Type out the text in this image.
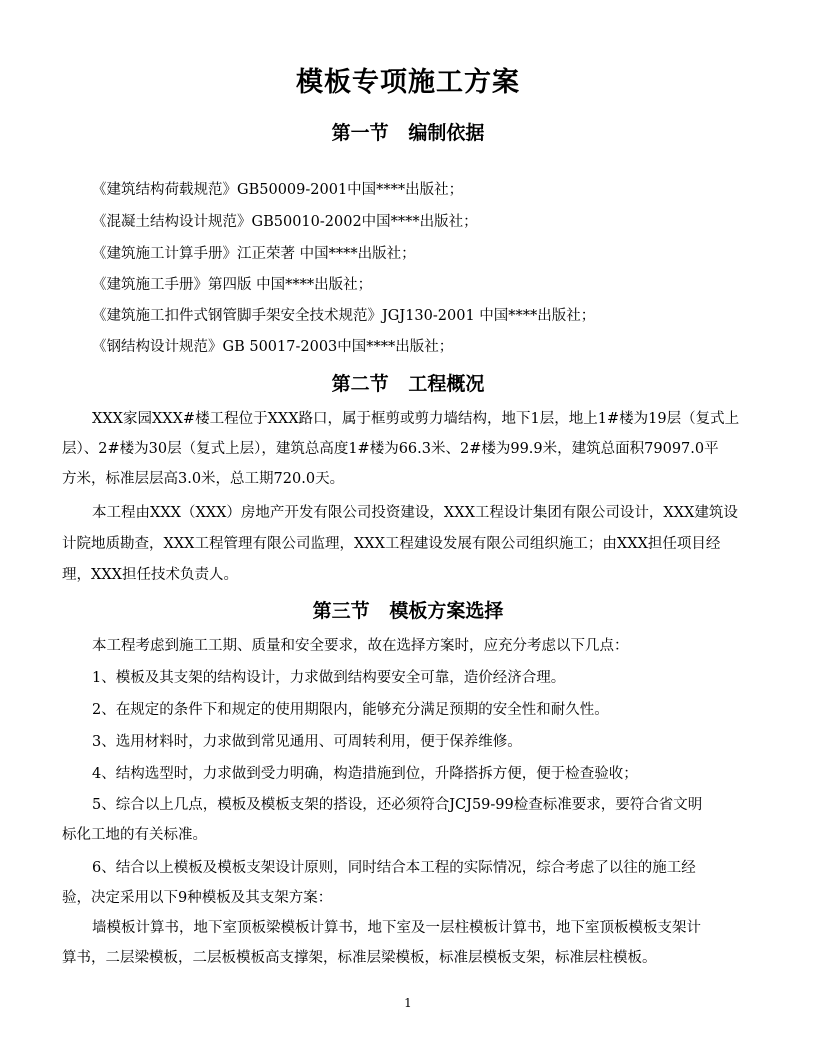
模板专项施工方案
第一节   编制依据
《建筑结构荷载规范》GB50009-2001中国****出版社；
《混凝土结构设计规范》GB50010-2002中国****出版社；
《建筑施工计算手册》江正荣著 中国****出版社；
《建筑施工手册》第四版 中国****出版社；
《建筑施工扣件式钢管脚手架安全技术规范》JGJ130-2001 中国****出版社；
《钢结构设计规范》GB 50017-2003中国****出版社；
第二节   工程概况
XXX家园XXX#楼工程位于XXX路口，属于框剪或剪力墙结构，地下1层，地上1#楼为19层（复式上
层）、2#楼为30层（复式上层），建筑总高度1#楼为66.3米、2#楼为99.9米，建筑总面积79097.0平
方米，标准层层高3.0米，总工期720.0天。
本工程由XXX（XXX）房地产开发有限公司投资建设，XXX工程设计集团有限公司设计，XXX建筑设
计院地质勘查，XXX工程管理有限公司监理，XXX工程建设发展有限公司组织施工；由XXX担任项目经
理，XXX担任技术负责人。
第三节   模板方案选择
本工程考虑到施工工期、质量和安全要求，故在选择方案时，应充分考虑以下几点：
1、模板及其支架的结构设计，力求做到结构要安全可靠，造价经济合理。
2、在规定的条件下和规定的使用期限内，能够充分满足预期的安全性和耐久性。
3、选用材料时，力求做到常见通用、可周转利用，便于保养维修。
4、结构选型时，力求做到受力明确，构造措施到位，升降搭拆方便，便于检查验收；
5、综合以上几点，模板及模板支架的搭设，还必须符合JCJ59-99检查标准要求，要符合省文明
标化工地的有关标准。
6、结合以上模板及模板支架设计原则，同时结合本工程的实际情况，综合考虑了以往的施工经
验，决定采用以下9种模板及其支架方案：
墙模板计算书，地下室顶板梁模板计算书，地下室及一层柱模板计算书，地下室顶板模板支架计
算书，二层梁模板，二层板模板高支撑架，标准层梁模板，标准层模板支架，标准层柱模板。
1
